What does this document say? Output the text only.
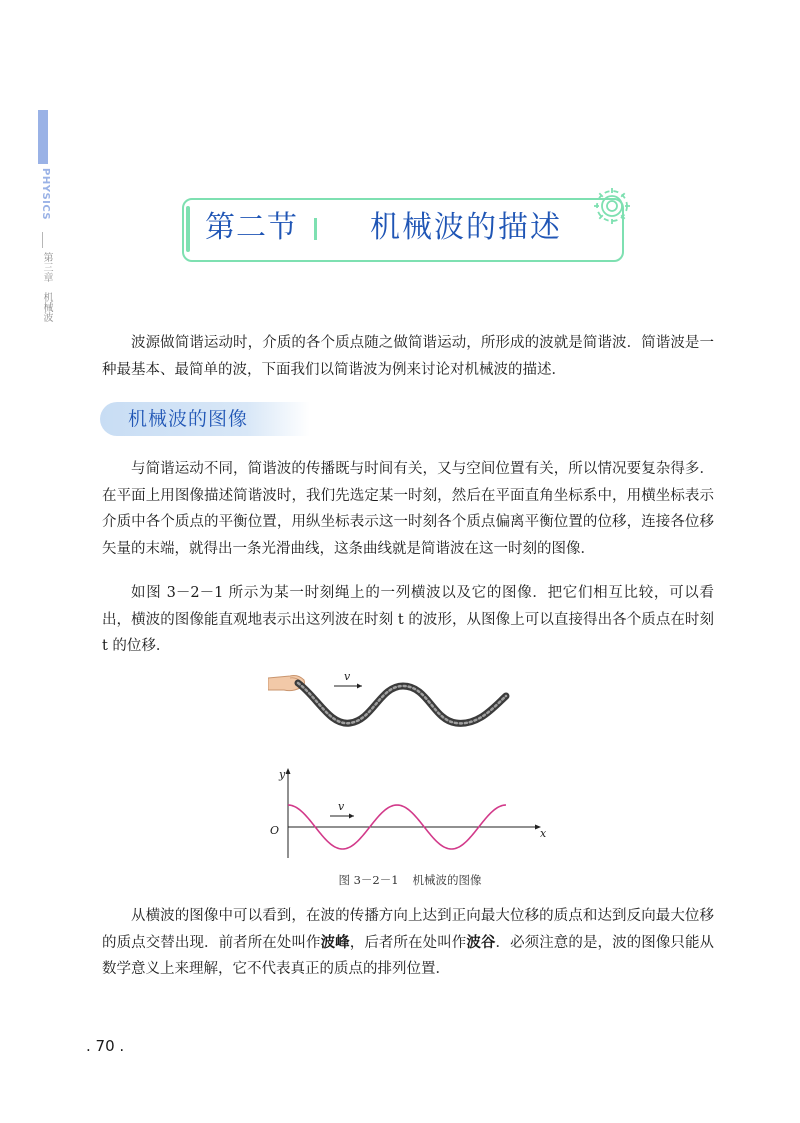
PHYSICS
第三章机械波
第二节 机械波的描述

波源做简谐运动时，介质的各个质点随之做简谐运动，所形成的波就是简谐波．简谐波是一种最基本、最简单的波，下面我们以简谐波为例来讨论对机械波的描述．

机械波的图像

与简谐运动不同，简谐波的传播既与时间有关，又与空间位置有关，所以情况要复杂得多．在平面上用图像描述简谐波时，我们先选定某一时刻，然后在平面直角坐标系中，用横坐标表示介质中各个质点的平衡位置，用纵坐标表示这一时刻各个质点偏离平衡位置的位移，连接各位移矢量的末端，就得出一条光滑曲线，这条曲线就是简谐波在这一时刻的图像．

如图 3－2－1 所示为某一时刻绳上的一列横波以及它的图像．把它们相互比较，可以看出，横波的图像能直观地表示出这列波在时刻 t 的波形，从图像上可以直接得出各个质点在时刻 t 的位移．

v
y
x
O
v
图 3－2－1 机械波的图像

从横波的图像中可以看到，在波的传播方向上达到正向最大位移的质点和达到反向最大位移的质点交替出现．前者所在处叫作波峰，后者所在处叫作波谷．必须注意的是，波的图像只能从数学意义上来理解，它不代表真正的质点的排列位置．

. 70 .
